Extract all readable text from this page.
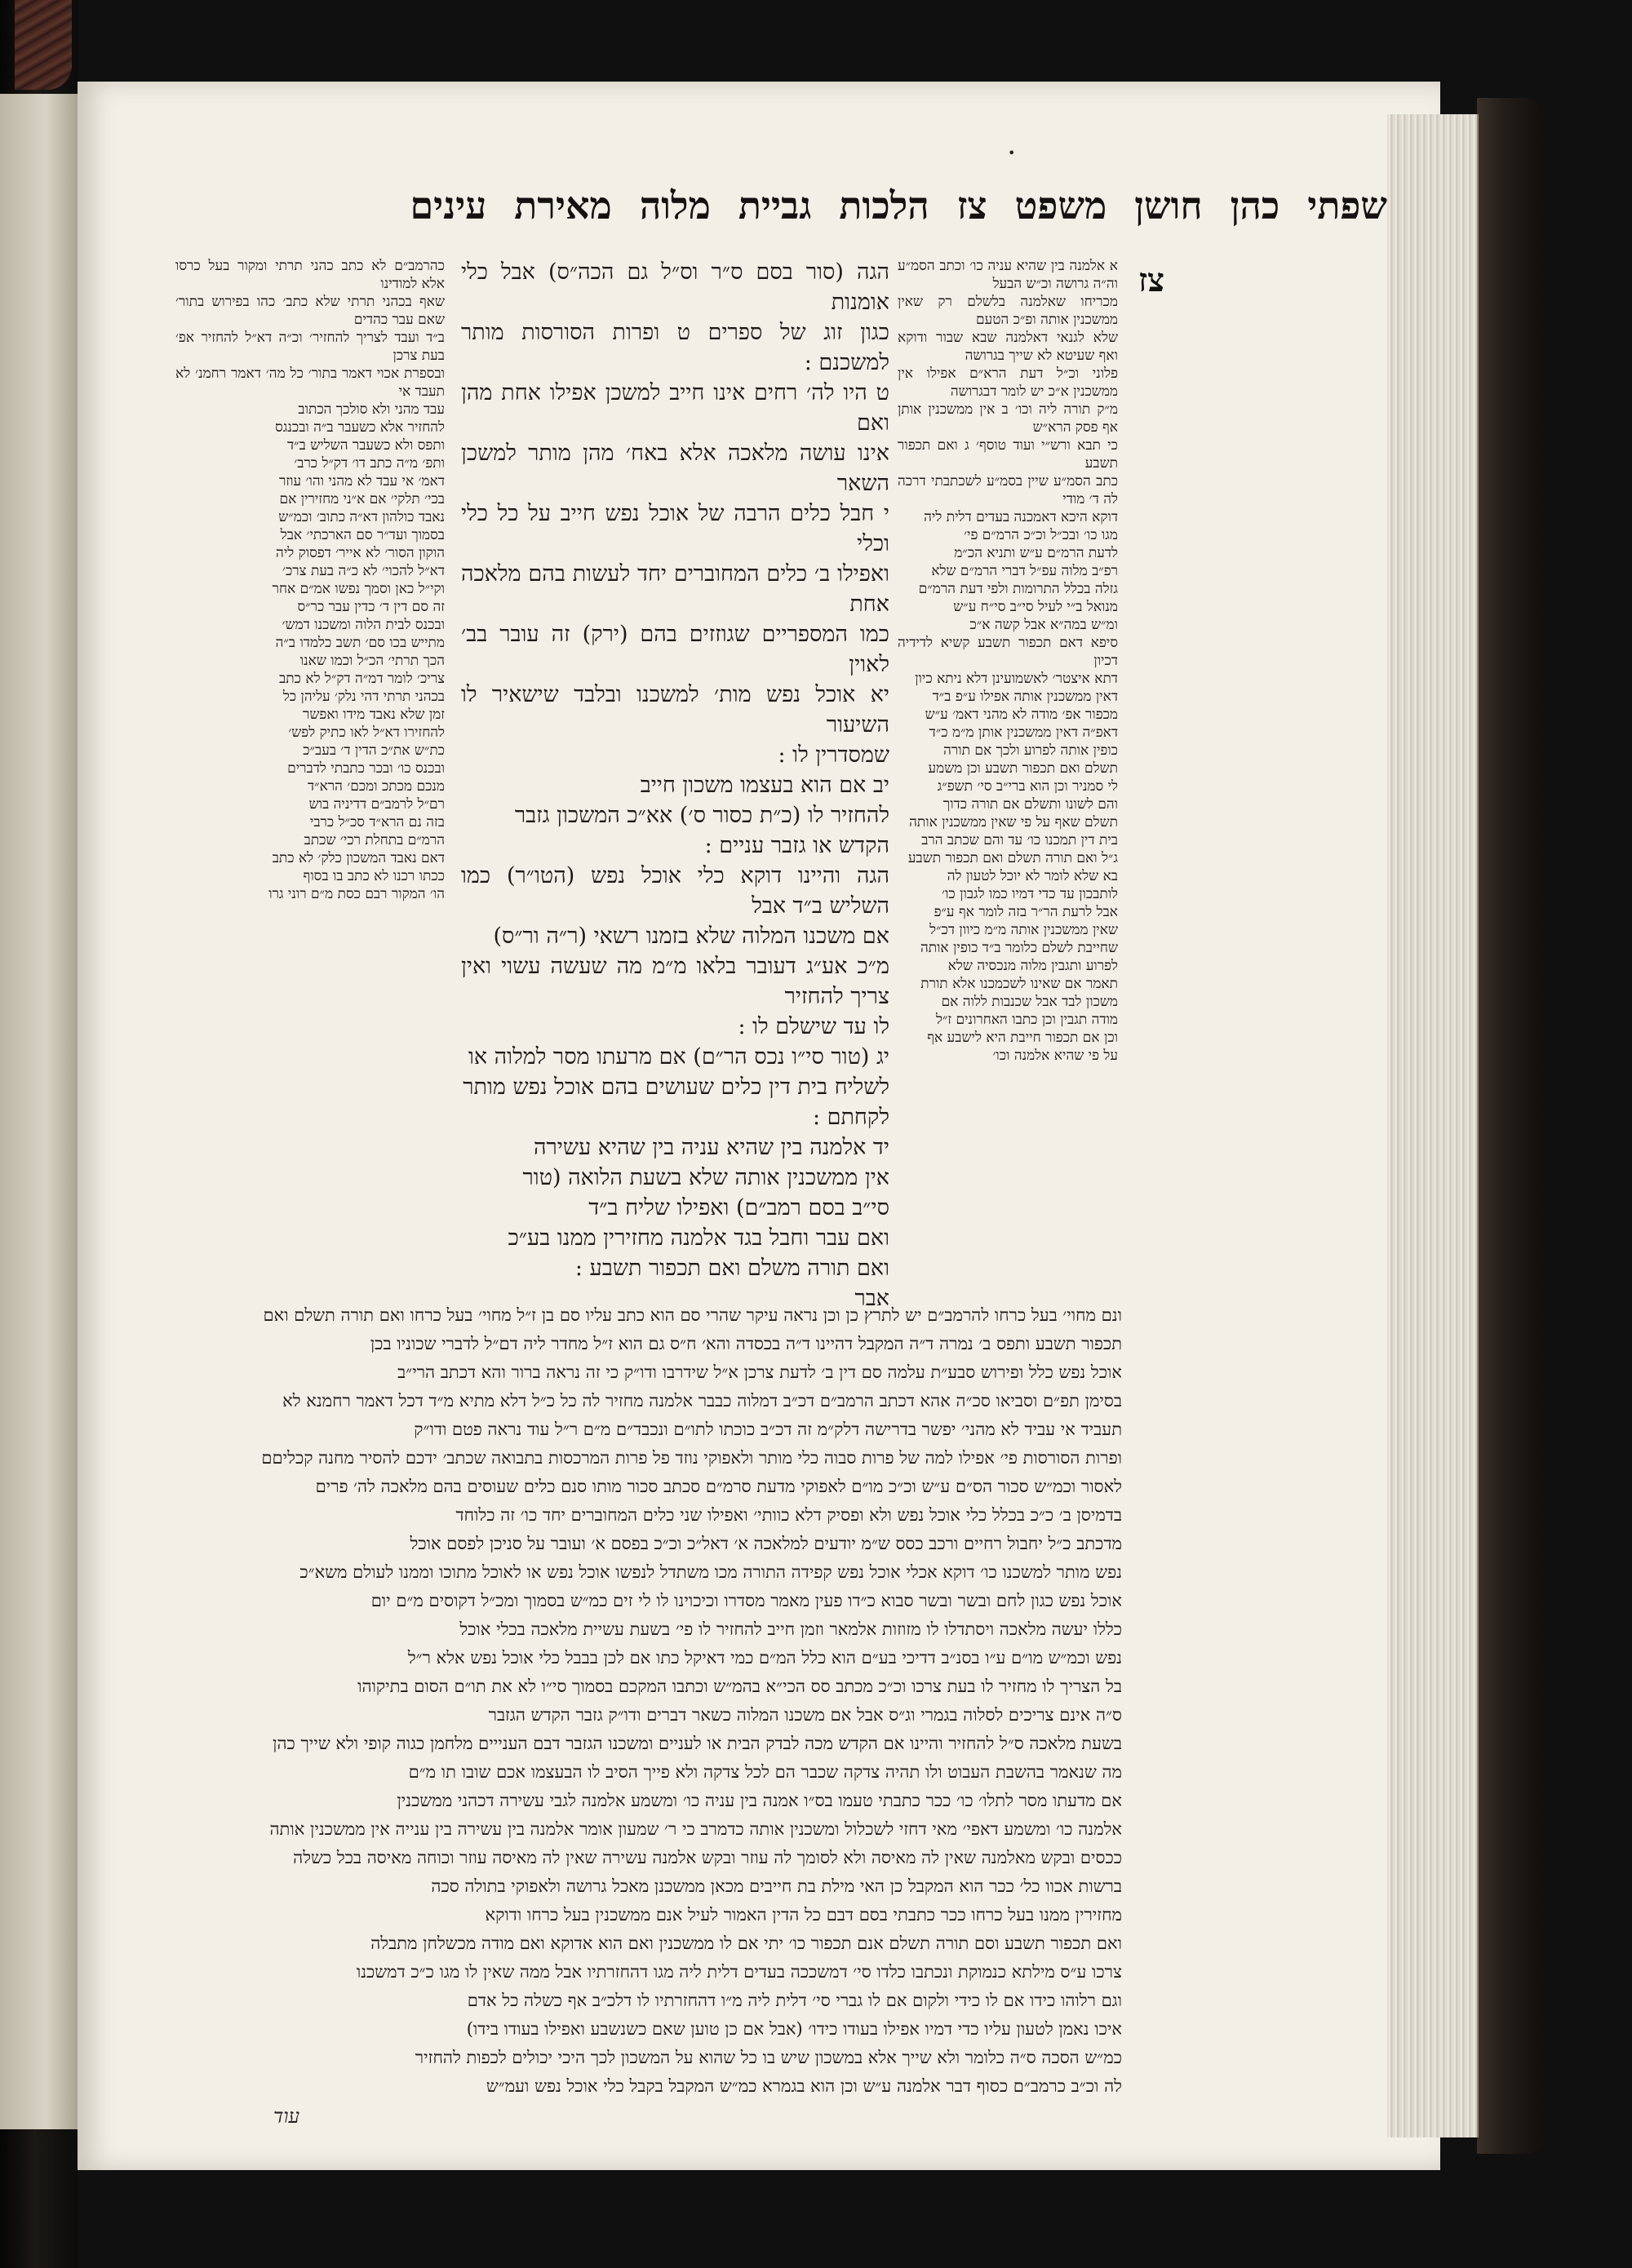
•
שפתי כהן חושן משפט צז הלכות גביית מלוה מאירת עינים
צז
א אלמנה בין שהיא עניה כו׳ וכתב הסמ״ע וה״ה גרושה וכ״ש הבעל
מכריחו שאלמנה בלשלם רק שאין ממשכנין אותה ופ״כ הטעם
שלא לגנאי דאלמנה שבא שבור ודוקא ואף שעיטא לא שייך בגרושה
פלוני וכ״ל דעת הרא״ם אפילו אין ממשכנין א״כ יש לומר דבגרושה
מ״ק תורה ליה וכו׳ ב אין ממשכנין אותן אף פסק הרא״ש
כי תבא ורש״י ועוד טוסף׳ ג ואם תכפור תשבע
כתב הסמ״ע שיין בסמ״ע לשכתבתי דרכה לה ד׳ מודי
דוקא היכא דאמכנה בעדים דלית ליה
מגו כו׳ ובכ״ל וכ״כ הרמ״ם פי׳
לדעת הרמ״ם ע״ש ותניא הכ״מ
רפ״ב מלוה עפ״ל דברי הרמ״ם שלא
גזלה בכלל התרומות ולפי דעת הרמ״ם
מנואל ב״י לעיל סי״ב סי״ח ע״ש
ומ״ש במה״א אבל קשה א״כ
סיפא דאם תכפור תשבע קשיא לדידיה דכיון
דתא איצטר׳ לאשמועינן דלא ניתא כיון
דאין ממשכנין אותה אפילו ע״פ ב״ד
מכפור אפ׳ מודה לא מהני דאמ׳ ע״ש
דאפ״ה דאין ממשכנין אותן מ״מ כ״ד
כופין אותה לפרוע ולכך אם תורה
תשלם ואם תכפור תשבע וכן משמע
לי סמניר וכן הוא ברי״ב סי׳ תשפ״ג
והם לשונו ותשלם אם תורה כדוך
תשלם שאף על פי שאין ממשכנין אותה
בית דין תמכנו כו׳ עד והם שכתב הרב
ג״ל ואם תורה תשלם ואם תכפור תשבע
בא שלא לומר לא יוכל לטעון לה
לותבכון עד כדי דמיו כמו לגבון כו׳
אבל לרעת הר״ר בזה לומר אף ע״פ
שאין ממשכנין אותה מ״מ כיוון דכ״ל
שחייבת לשלם כלומר ב״ד כופין אותה
לפרוע ותגבין מלוה מנכסיה שלא
תאמר אם שאינו לשכמכנו אלא תורת
משכון לבד אבל שכנבות ללוה אם
מודה תגבין וכן כתבו האחרונים ז״ל
וכן אם תכפור חייבת היא לישבע אף
על פי שהיא אלמנה וכו׳
כהרמב״ם לא כתב כהני תרתי ומקור בעל כרסו אלא למודינו
שאף בכהני תרתי שלא כתב׳ כהו בפירוש בתור׳ שאם עבר כהדים
ב״ד ועבד לצריך להחזיר׳ וכ״ה דא״ל להחזיר אפ׳ בעת צרכן
ובספרת אכוי דאמר בתור׳ כל מה׳ דאמר רחמנ׳ לא תעבד אי
עבד מהני ולא סולכך הכתוב
להחזיר אלא כשעבר ב״ה ובכנגס
ותפס ולא כשעבר השליש ב״ד
ותפ׳ מ״ה כתב דו׳ דק״ל כרב׳
דאמ׳ אי עבד לא מהני והו׳ עוזר
בכי׳ תלקי׳ אם א״ני מחזירין אם
נאבד כולהון דא״ה כתוב׳ וכמ״ש
בסמוך ועד״ר סם הארכתי׳ אבל
הוקון הסור׳ לא אייר׳ דפסוק ליה
דא״ל להכוי׳ לא כ״ה בעת צרכ׳
וקי״ל כאן וסמך נפשו אמ״ם אחר
זה סם דין ד׳ כדין עבר כר״ס
ובכנס לבית הלוה ומשכנו דמש׳
מתייש בכו סם׳ תשב כלמדו ב״ה
הכך תרתי׳ הכ״ל וכמו שאנו
צריכ׳ לומר דמ״ה דק״ל לא כתב
בכהני תרתי דהי נלק׳ עליהן כל
זמן שלא נאבד מידו ואפשר
להחזירו דא״ל לאו כתיק לפש׳
כת״ש את״כ הדין ד׳ בעב״כ
ובכנס כו׳ ובכר כתבתי לדברים
מנכם מכתכ ומכם׳ הרא״ד
רם״ל לרמב״ם דדיניה בוש
בזה נם הרא״ד סכ״ל כרבי
הרמ״ם בתחלת רכי׳ שכתב
דאם נאבד המשכון כלק׳ לא כתב
ככתו רכנו לא כתב בו בסוף
הו׳ המקור רבם כסת מ״ם רוני גרו
הגה (סור בסם ס״ר וס״ל גם הכה״ס) אבל כלי אומנות
כגון זוג של ספרים ט ופרות הסורסות מותר למשכנם :
ט היו לה׳ רחים אינו חייב למשכן אפילו אחת מהן ואם
אינו עושה מלאכה אלא באח׳ מהן מותר למשכן השאר
י חבל כלים הרבה של אוכל נפש חייב על כל כלי וכלי
ואפילו ב׳ כלים המחוברים יחד לעשות בהם מלאכה אחת
כמו המספריים שגוזזים בהם (ירק) זה עובר בב׳ לאוין
יא אוכל נפש מות׳ למשכנו ובלבד שישאיר לו השיעור
שמסדרין לו :
יב אם הוא בעצמו משכון חייב
להחזיר לו (כ״ת כסור ס׳) אא״כ המשכון גזבר
הקדש או גזבר עניים :
הגה והיינו דוקא כלי אוכל נפש (הטו״ר) כמו השליש ב״ד אבל
אם משכנו המלוה שלא בזמנו רשאי (ר״ה ור״ס)
מ״כ אע״ג דעובר בלאו מ״מ מה שעשה עשוי ואין צריך להחזיר
לו עד שישלם לו :
יג (טור סי״ו נכס הר״ם) אם מרעתו מסר למלוה או
לשליח בית דין כלים שעושים בהם אוכל נפש מותר
לקחתם :
יד אלמנה בין שהיא עניה בין שהיא עשירה
אין ממשכנין אותה שלא בשעת הלואה (טור
סי״ב בסם רמב״ם) ואפילו שליח ב״ד
ואם עבר וחבל בגד אלמנה מחזירין ממנו בע״כ
ואם תורה משלם ואם תכפור תשבע :
אבר
ונם מחוי׳ בעל כרחו להרמב״ם יש לתרץ כן וכן נראה עיקר שהרי סם הוא כתב עליו סם בן ז״ל מחוי׳ בעל כרחו ואם תורה תשלם ואם
תכפור תשבע ותפס ב׳ נמרה ד״ה המקבל דהיינו ד״ה בכסדה והא׳ ח״ס גם הוא ז״ל מחדר ליה דם״ל לדברי שכוניו בכן
אוכל נפש כלל ופירוש סבע״ת עלמה סם דין ב׳ לדעת צרכן א״ל שידרבו ודו״ק כי זה נראה ברור והא דכתב הרי״ב
בסימן תפ״ם וסביאו סכ״ה אהא דכתב הרמב״ם דכ״ב דמלוה כבבר אלמנה מחזיר לה כל כ״ל דלא מתיא מ״ד דכל דאמר רחמנא לא
תעביד אי עביד לא מהני׳ יפשר בדרישה דלק״מ זה דכ״ב כוכתו לתו״ם ונכבד״ם מ״ם ר״ל עוד נראה פטם ודו״ק
ופרות הסורסות פי׳ אפילו למה של פרות סבוה כלי מותר ולאפוקי נוזד פל פרות המרכסות בתבואה שכתב׳ ידכם להסיר מחנה קכליםם
לאסור וכמ״ש סכור הס״ם ע״ש וכ״כ מו״ם לאפוקי מדעת סרמ״ם סכתב סכור מותו סנם כלים שעוסים בהם מלאכה לה׳ פרים
בדמיסן ב׳ כ״כ בכלל כלי אוכל נפש ולא ופסיק דלא כוותי׳ ואפילו שני כלים המחוברים יחד כו׳ זה כלוחד
מדכתב כ״ל יחבול רחיים ורכב כסס ש״מ יודעים למלאכה א׳ דאל״כ וכ״כ בפסם א׳ ועובר על סניכן לפסם אוכל
נפש מותר למשכנו כו׳ דוקא אכלי אוכל נפש קפידה התורה מכו משתדל לנפשו אוכל נפש או לאוכל מתוכו וממנו לעולם משא״כ
אוכל נפש כגון לחם ובשר ובשר סבוא כ״דו פעין מאמר מסדרו וכיכוינו לו לי זים כמ״ש בסמוך ומכ״ל דקוסים מ״ם יום
כללו יעשה מלאכה ויסתדלו לו מזוזות אלמאר וזמן חייב להחזיר לו פי׳ בשעת עשיית מלאכה בכלי אוכל
נפש וכמ״ש מו״ם ע״ו בסנ״ב דדיכי בע״ם הוא כלל המ״ם כמי דאיקל כתו אם לכן בבבל כלי אוכל נפש אלא ר״ל
בל הצריך לו מחזיר לו בעת צרכו וכ״כ מכתב סס הכי״א בהמ״ש וכתבו המקכם בסמוך סי״ו לא את תו״ם הסום בתיקוהו
ס״ה אינם צריכים לסלוה בגמרי וג״ס אבל אם משכנו המלוה כשאר דברים ודו״ק גזבר הקדש הגזבר
בשעת מלאכה ס״ל להחזיר והיינו אם הקדש מכה לבדק הבית או לעניים ומשכנו הגזבר דבם הענייים מלחמן כגוה קופי ולא שייך כהן
מה שנאמר בהשבת העבוט ולו תהיה צדקה שכבר הם לכל צדקה ולא פייך הסיב לו הבעצמו אכם שובו תו מ״ם
אם מדעתו מסר לתלו׳ כו׳ ככר כתבתי טעמו בס״ו אמנה בין עניה כו׳ ומשמע אלמנה לגבי עשירה דכהני ממשכנין
אלמנה כו׳ ומשמע דאפי׳ מאי דחזי לשכלול ומשכנין אותה כדמרב כי ר׳ שמעון אומר אלמנה בין עשירה בין ענייה אין ממשכנין אותה
ככסים ובקש מאלמנה שאין לה מאיסה ולא לסומך לה עוזר ובקש אלמנה עשירה שאין לה מאיסה עוזר וכוחה מאיסה בכל כשלה
ברשות אכוו כל׳ ככר הוא המקבל כן האי מילת בת חייבים מכאן ממשכנן מאכל גרושה ולאפוקי בתולה סכה
מחזירין ממנו בעל כרחו ככר כתבתי בסם דבם כל הדין האמור לעיל אנם ממשכנין בעל כרחו ודוקא
ואם תכפור תשבע וסם תורה תשלם אנם תכפור כו׳ יתי אם לו ממשכנין ואם הוא אדוקא ואם מודה מכשלחן מתבלה
צרכו ע״ס מילתא כנמוקת ונכתבו כלדו סי׳ דמשככה בעדים דלית ליה מגו דהחזרתיו אבל ממה שאין לו מגו כ״כ דמשכנו
וגם רלוהו כידו אם לו כידי ולקום אם לו גברי סי׳ דלית ליה מ״ו דהחזרתיו לו דלכ״ב אף כשלה כל אדם
איכו נאמן לטעון עליו כדי דמיו אפילו בעודו כידו׳ (אבל אם כן טוען שאם כשנשבע ואפילו בעודו בידו)
כמ״ש הסכה ס״ה כלומר ולא שייך אלא במשכון שיש בו כל שהוא על המשכון לכך היכי יכולים לכפות להחזיר
לה וכ״ב כרמב״ם כסוף דבר אלמנה ע״ש וכן הוא בגמרא כמ״ש המקבל בקבל כלי אוכל נפש ועמ״ש
עוד
